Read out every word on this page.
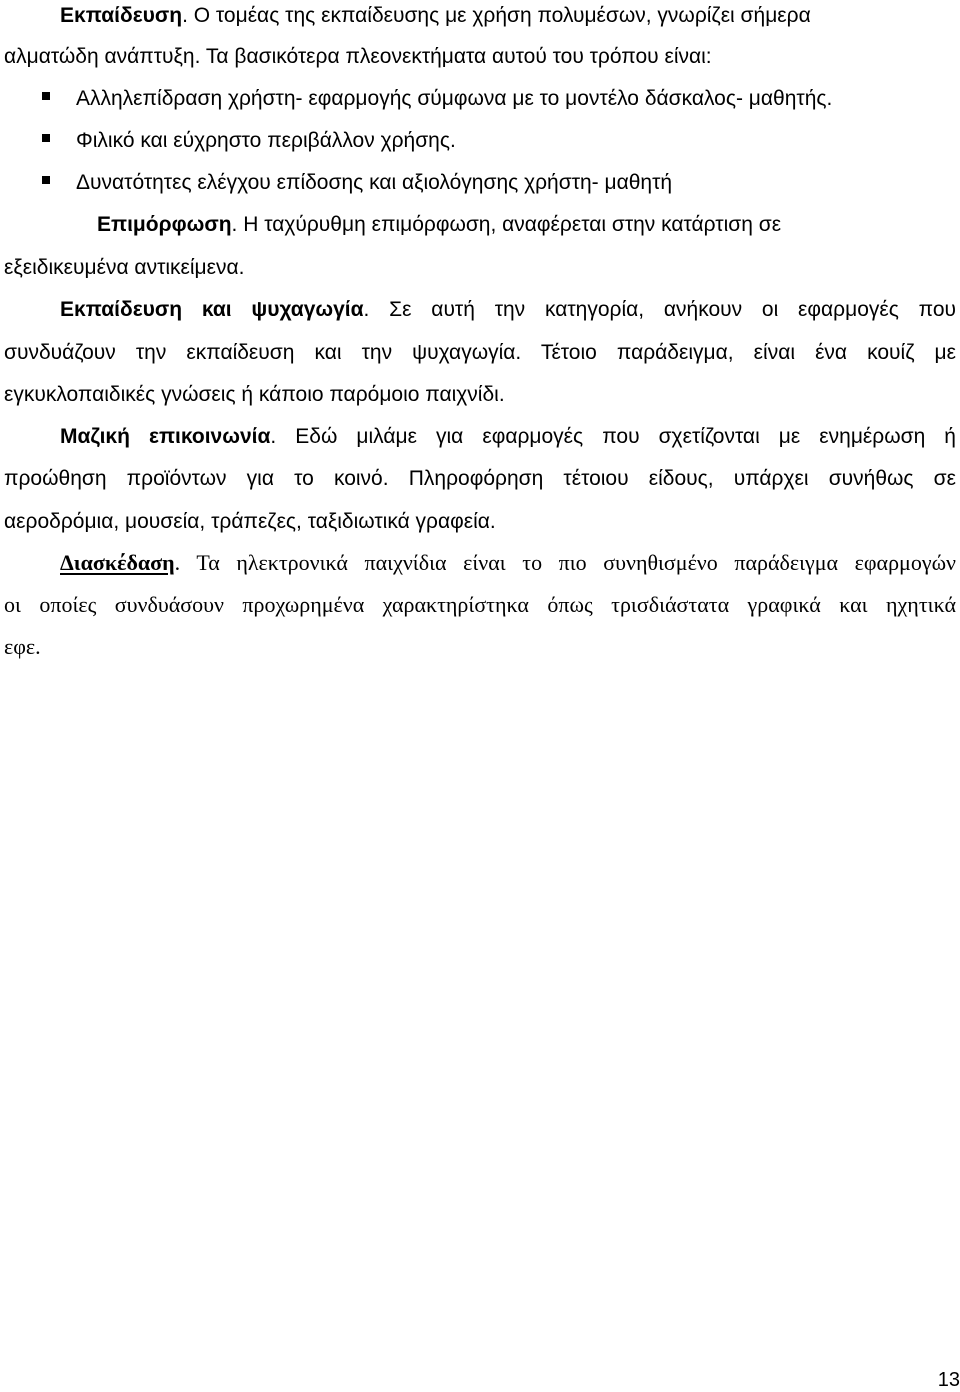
Εκπαίδευση. Ο τομέας της εκπαίδευσης με χρήση πολυμέσων, γνωρίζει σήμερα
αλματώδη ανάπτυξη. Τα βασικότερα πλεονεκτήματα αυτού του τρόπου είναι:
Αλληλεπίδραση χρήστη- εφαρμογής σύμφωνα με το μοντέλο δάσκαλος- μαθητής.
Φιλικό και εύχρηστο περιβάλλον χρήσης.
Δυνατότητες ελέγχου επίδοσης και αξιολόγησης χρήστη- μαθητή
Επιμόρφωση. Η ταχύρυθμη επιμόρφωση, αναφέρεται στην κατάρτιση σε
εξειδικευμένα αντικείμενα.
Εκπαίδευση και ψυχαγωγία. Σε αυτή την κατηγορία, ανήκουν οι εφαρμογές που
συνδυάζουν την εκπαίδευση και την ψυχαγωγία. Τέτοιο παράδειγμα, είναι ένα κουίζ με
εγκυκλοπαιδικές γνώσεις ή κάποιο παρόμοιο παιχνίδι.
Μαζική επικοινωνία. Εδώ μιλάμε για εφαρμογές που σχετίζονται με ενημέρωση ή
προώθηση προϊόντων για το κοινό. Πληροφόρηση τέτοιου είδους, υπάρχει συνήθως σε
αεροδρόμια, μουσεία, τράπεζες, ταξιδιωτικά γραφεία.
Διασκέδαση. Τα ηλεκτρονικά παιχνίδια είναι το πιο συνηθισμένο παράδειγμα εφαρμογών
οι οποίες συνδυάσουν προχωρημένα χαρακτηρίστηκα όπως τρισδιάστατα γραφικά και ηχητικά
εφε.
13
